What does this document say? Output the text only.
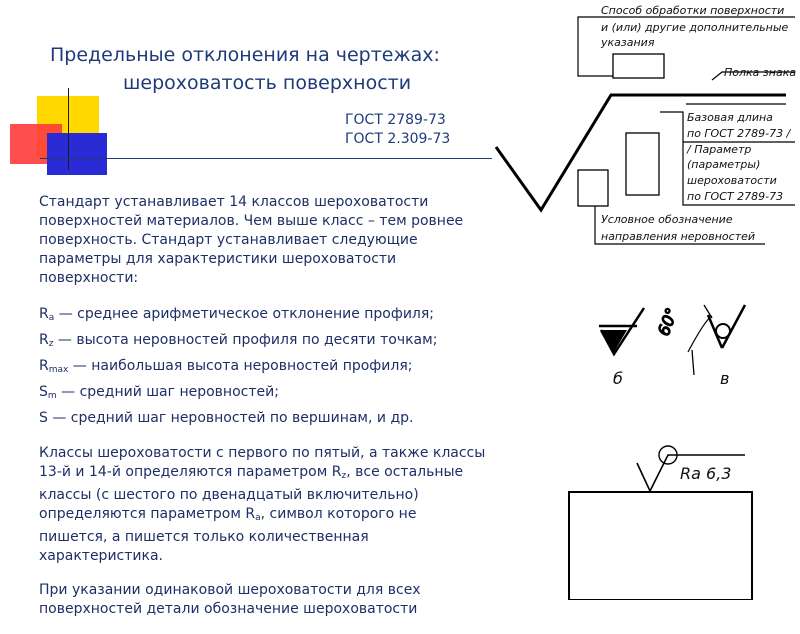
Предельные отклонения на чертежах:
шероховатость поверхности
ГОСТ 2789-73
ГОСТ 2.309-73

Стандарт устанавливает 14 классов шероховатости поверхностей материалов. Чем выше класс – тем ровнее поверхность. Стандарт устанавливает следующие параметры для характеристики шероховатости поверхности:

$R_a$ — среднее арифметическое отклонение профиля;
$R_z$ — высота неровностей профиля по десяти точкам;
$R_{max}$ — наибольшая высота неровностей профиля;
$S_m$ — средний шаг неровностей;
S — средний шаг неровностей по вершинам, и др.

Классы шероховатости с первого по пятый, а также классы 13-й и 14-й определяются параметром $R_z$, все остальные классы (с шестого по двенадцатый включительно) определяются параметром $R_a$, символ которого не пишется, а пишется только количественная характеристика.

При указании одинаковой шероховатости для всех поверхностей детали обозначение шероховатости

Способ обработки поверхности
и (или) другие дополнительные
указания
Полка знака
Базовая длина
по ГОСТ 2789-73 /
/ Параметр
(параметры)
шероховатости
по ГОСТ 2789-73
Условное обозначение
направления неровностей
б
60°
в
Ra 6,3
